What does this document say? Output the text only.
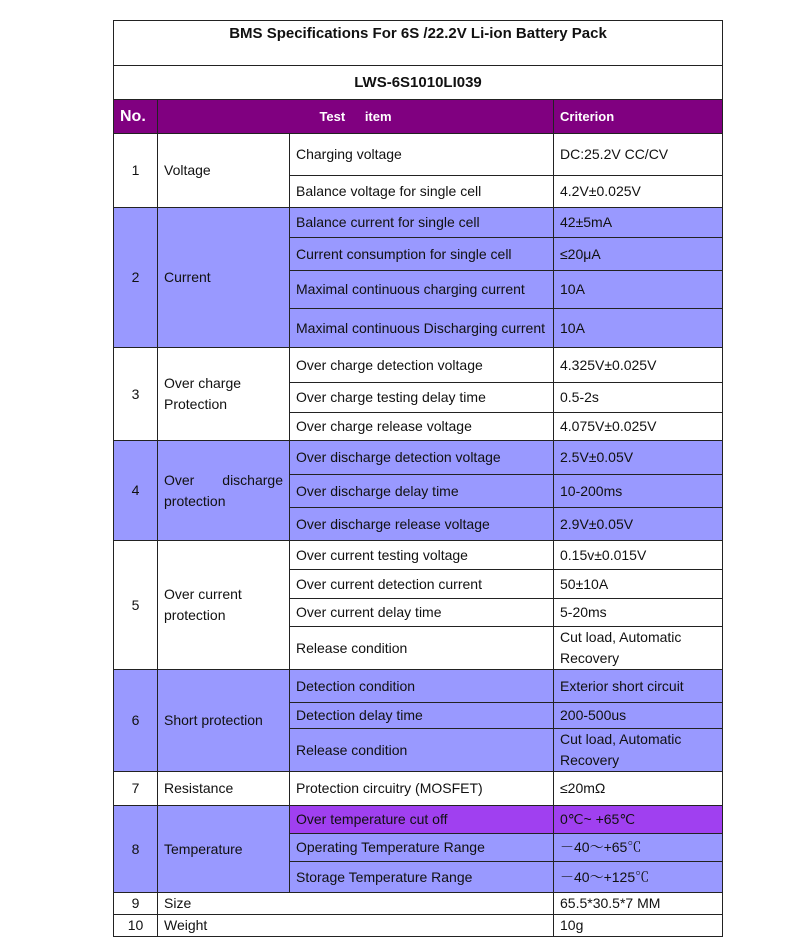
BMS Specifications For 6S /22.2V Li-ion Battery Pack			
LWS-6S1010LI039			
No.	Test item		Criterion
1	Voltage	Charging voltage	DC:25.2V CC/CV
		Balance voltage for single cell	4.2V±0.025V
2	Current	Balance current for single cell	42±5mA
		Current consumption for single cell	≤20μA
		Maximal continuous charging current	10A
		Maximal continuous Discharging current	10A
3	Over charge Protection	Over charge detection voltage	4.325V±0.025V
		Over charge testing delay time	0.5-2s
		Over charge release voltage	4.075V±0.025V
4	Over discharge protection	Over discharge detection voltage	2.5V±0.05V
		Over discharge delay time	10-200ms
		Over discharge release voltage	2.9V±0.05V
5	Over current protection	Over current testing voltage	0.15v±0.015V
		Over current detection current	50±10A
		Over current delay time	5-20ms
		Release condition	Cut load, Automatic Recovery
6	Short protection	Detection condition	Exterior short circuit
		Detection delay time	200-500us
		Release condition	Cut load, Automatic Recovery
7	Resistance	Protection circuitry (MOSFET)	≤20mΩ
8	Temperature	Over temperature cut off	0℃~ +65℃
		Operating Temperature Range	－40～+65℃
		Storage Temperature Range	－40～+125℃
9	Size		65.5*30.5*7 MM
10	Weight		10g
